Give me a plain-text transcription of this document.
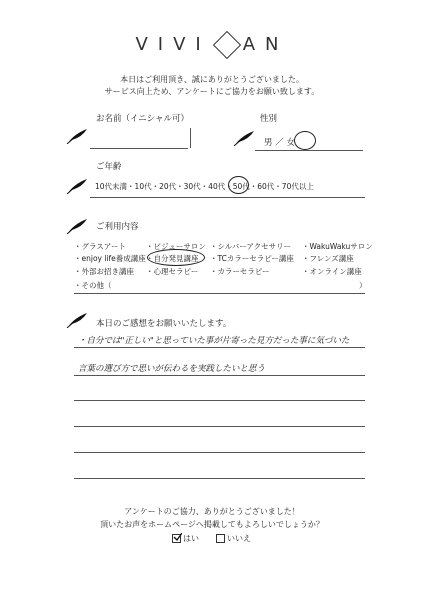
VIVI AN
本日はご利用頂き、誠にありがとうございました。
サービス向上ため、アンケートにご協力をお願い致します。
お名前（イニシャル可）	性別
男 ／ 女
ご年齢
10代未満・10代・20代・30代・40代・50代・60代・70代以上
ご利用内容
・グラスアート	・ビジューサロン ・シルバーアクセサリー ・WakuWakuサロン
・enjoy life養成講座 ・自分発見講座 ・TCカラーセラピー講座 ・フレンズ講座
・外部お招き講座 ・心理セラピー ・カラーセラピー	・オンライン講座
・その他（	）
本日のご感想をお願いいたします。
・自分では"正しい"と思っていた事が片寄った見方だった事に気づいた
言葉の選び方で思いが伝わるを実践したいと思う
アンケートのご協力、ありがとうございました！
頂いたお声をホームページへ掲載してもよろしいでしょうか？
はい	いいえ
